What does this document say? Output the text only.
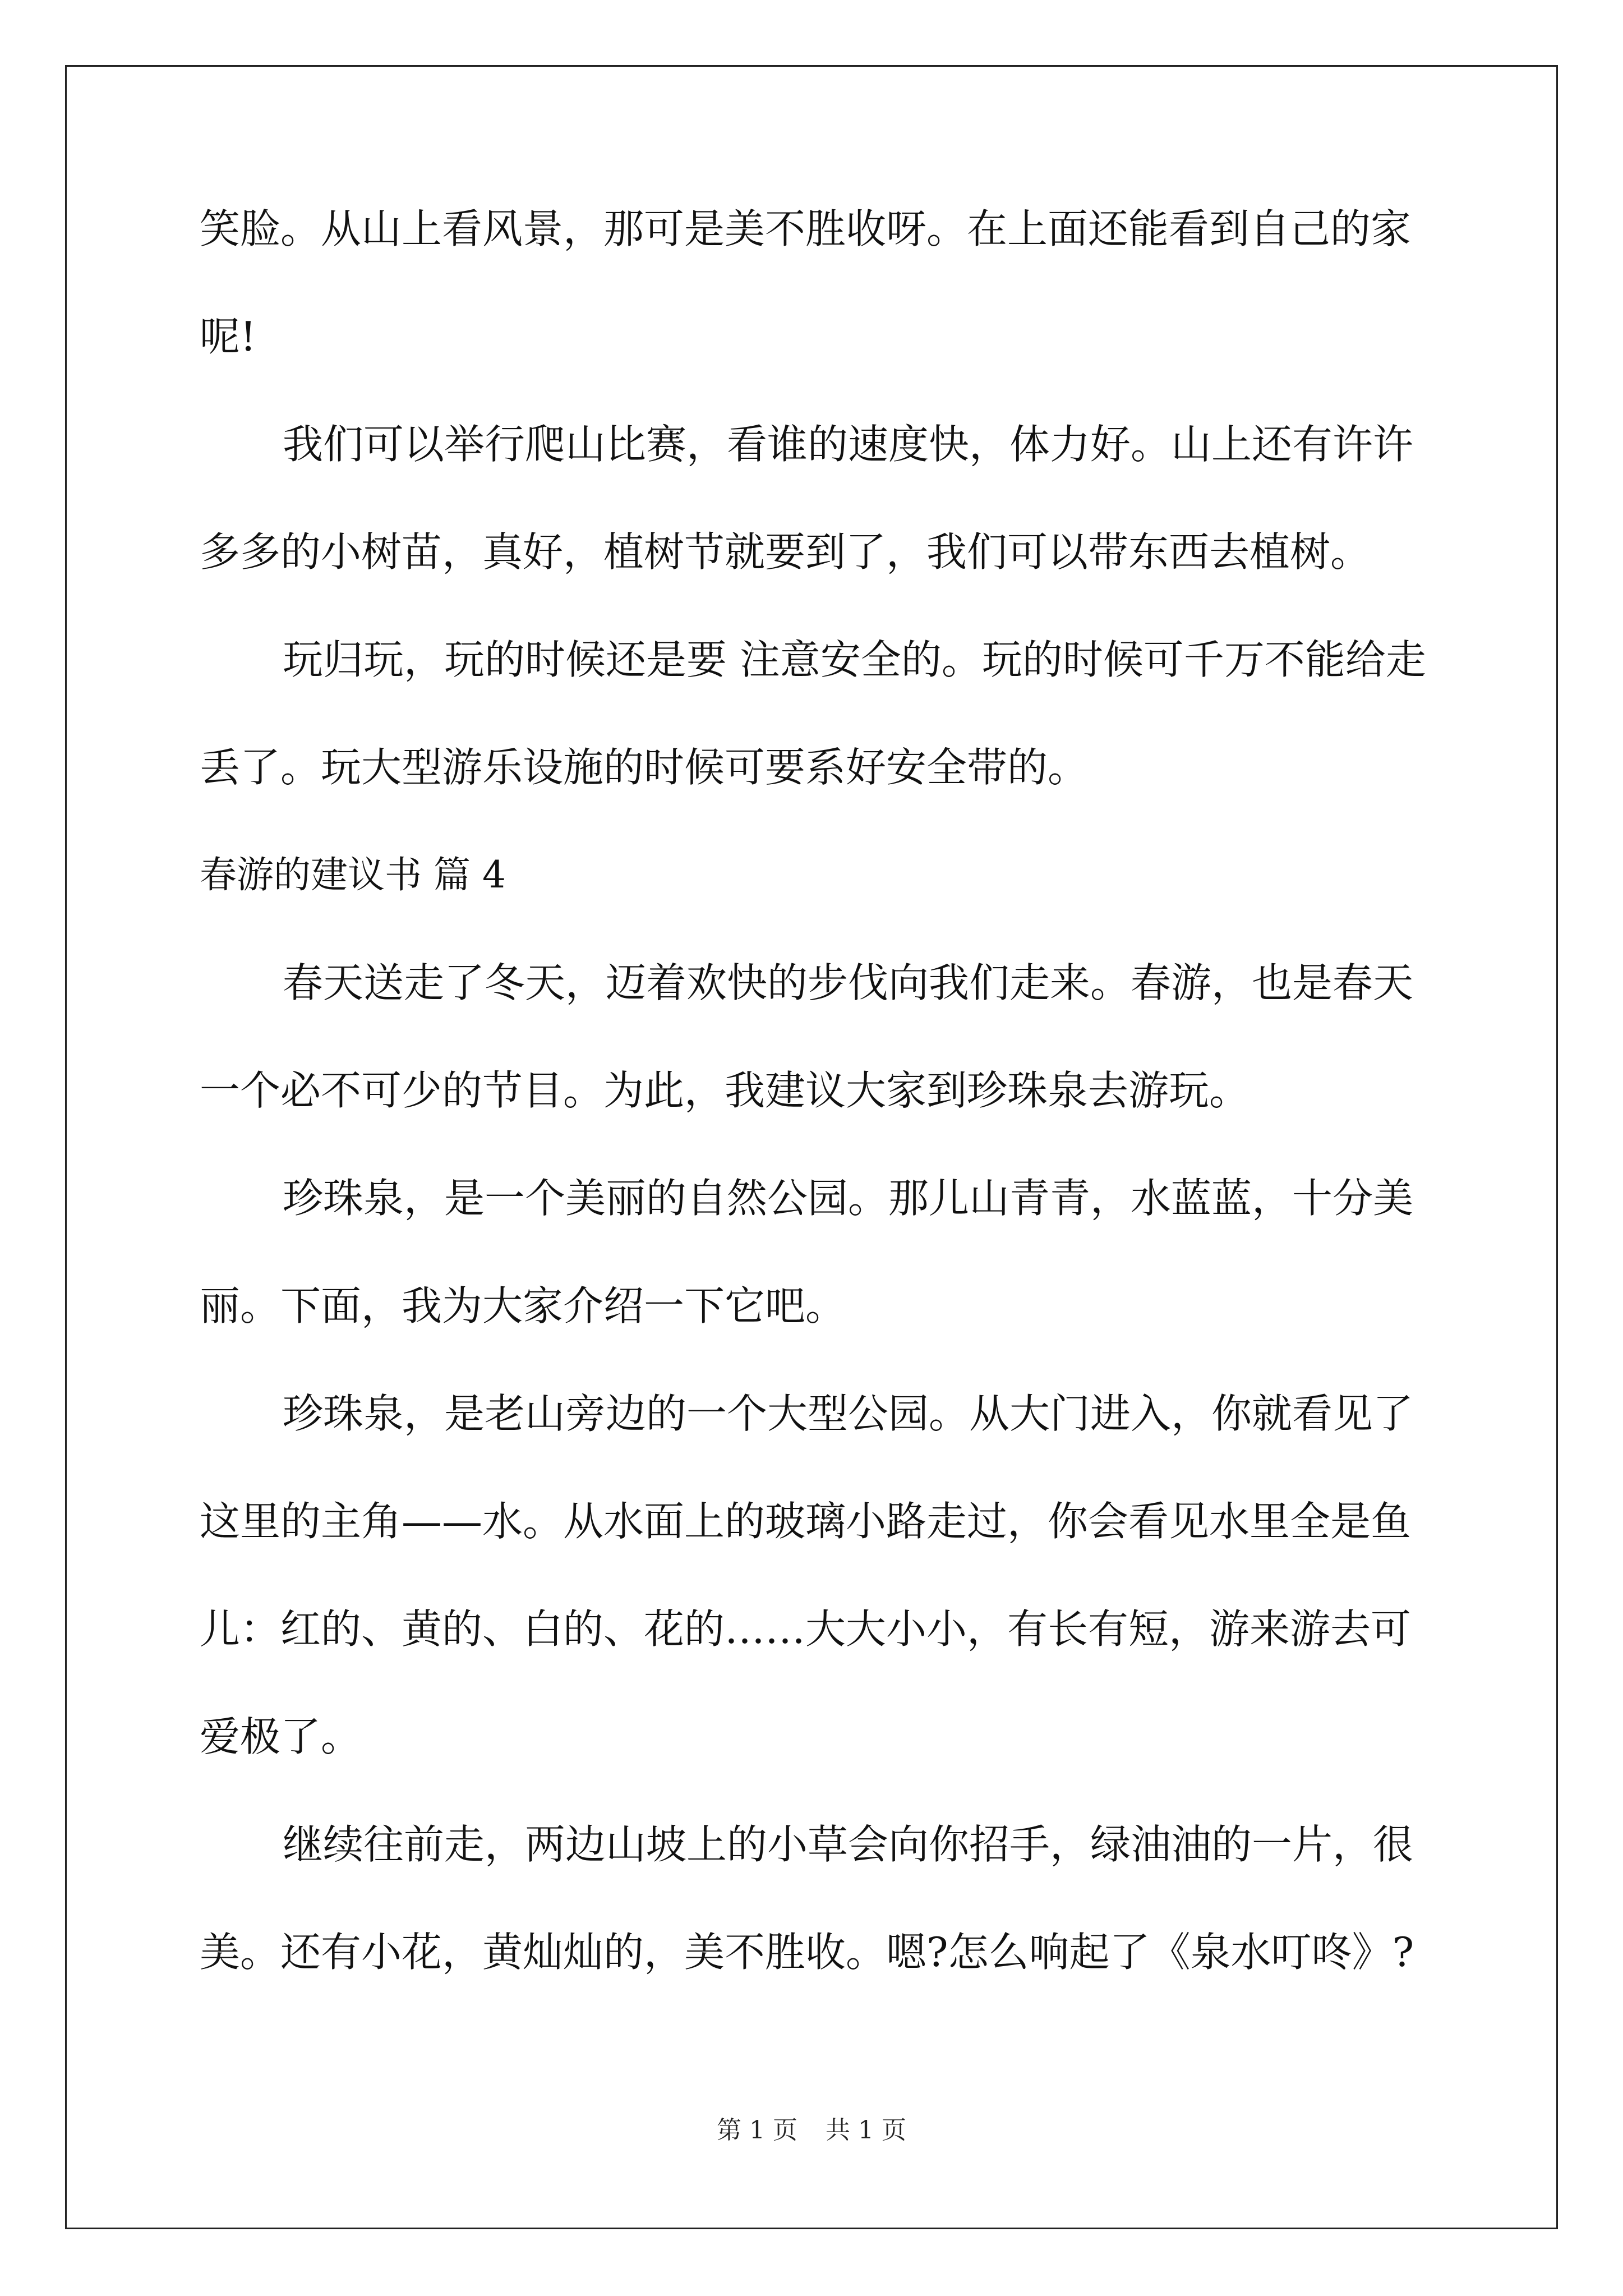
笑脸。从山上看风景，那可是美不胜收呀。在上面还能看到自己的家

呢!

我们可以举行爬山比赛，看谁的速度快，体力好。山上还有许许

多多的小树苗，真好，植树节就要到了，我们可以带东西去植树。

玩归玩，玩的时候还是要 注意安全的。玩的时候可千万不能给走

丢了。玩大型游乐设施的时候可要系好安全带的。

春游的建议书 篇 4

春天送走了冬天，迈着欢快的步伐向我们走来。春游，也是春天

一个必不可少的节目。为此，我建议大家到珍珠泉去游玩。

珍珠泉，是一个美丽的自然公园。那儿山青青，水蓝蓝，十分美

丽。下面，我为大家介绍一下它吧。

珍珠泉，是老山旁边的一个大型公园。从大门进入，你就看见了

这里的主角——水。从水面上的玻璃小路走过，你会看见水里全是鱼

儿：红的、黄的、白的、花的……大大小小，有长有短，游来游去可

爱极了。

继续往前走，两边山坡上的小草会向你招手，绿油油的一片，很

美。还有小花，黄灿灿的，美不胜收。嗯?怎么响起了《泉水叮咚》?

第 1 页 共 1 页
